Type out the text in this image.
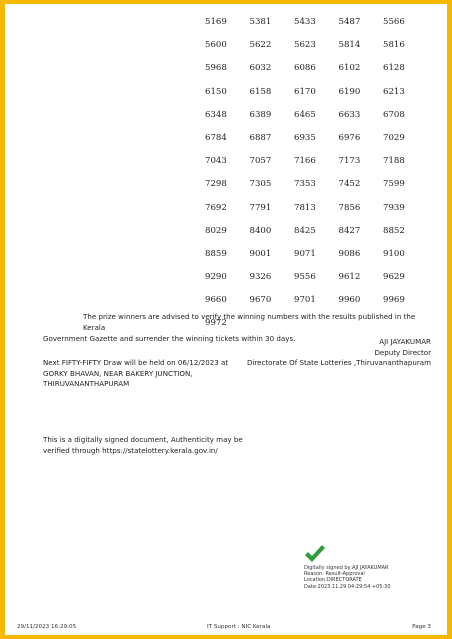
5169	5381	5433	5487	5566
5600	5622	5623	5814	5816
5968	6032	6086	6102	6128
6150	6158	6170	6190	6213
6348	6389	6465	6633	6708
6784	6887	6935	6976	7029
7043	7057	7166	7173	7188
7298	7305	7353	7452	7599
7692	7791	7813	7856	7939
8029	8400	8425	8427	8852
8859	9001	9071	9086	9100
9290	9326	9556	9612	9629
9660	9670	9701	9960	9969
9972
The prize winners are advised to verify the winning numbers with the results published in the Kerala
Government Gazette and surrender the winning tickets within 30 days.	AJI JAYAKUMAR
Deputy Director
Directorate Of State Lotteries ,Thiruvananthapuram
Next FIFTY-FIFTY Draw will be held on 06/12/2023 at
GORKY BHAVAN, NEAR BAKERY JUNCTION,
THIRUVANANTHAPURAM
This is a digitally signed document, Authenticity may be
verified through https://statelottery.kerala.gov.in/
Digitally signed by AJI JAYAKUMAR
Reason: Result-Approval
Location:DIRECTORATE
Date:2023.11.29 04:29:54 +05:30
29/11/2023 16:29:05	IT Support : NIC Kerala	Page 3
